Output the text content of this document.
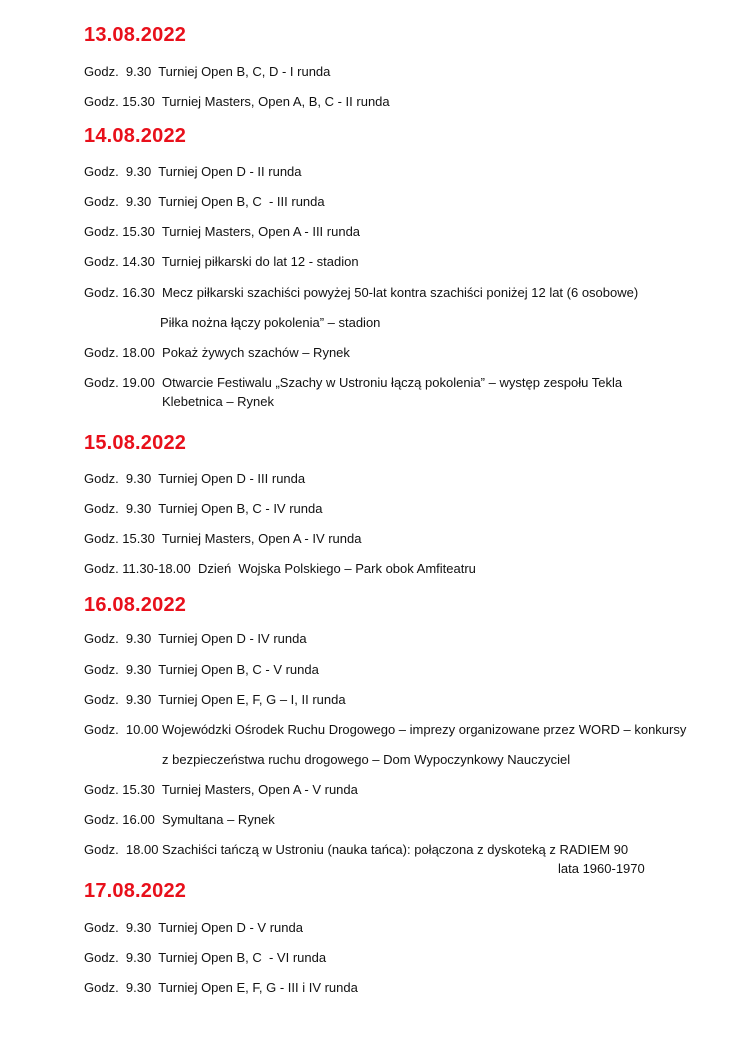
13.08.2022
Godz.  9.30  Turniej Open B, C, D - I runda
Godz. 15.30  Turniej Masters, Open A, B, C - II runda
14.08.2022
Godz.  9.30  Turniej Open D - II runda
Godz.  9.30  Turniej Open B, C  - III runda
Godz. 15.30  Turniej Masters, Open A - III runda
Godz. 14.30  Turniej piłkarski do lat 12 - stadion
Godz. 16.30  Mecz piłkarski szachiści powyżej 50-lat kontra szachiści poniżej 12 lat (6 osobowe)
Piłka nożna łączy pokolenia” – stadion
Godz. 18.00  Pokaż żywych szachów – Rynek
Godz. 19.00  Otwarcie Festiwalu „Szachy w Ustroniu łączą pokolenia” – występ zespołu Tekla
Klebetnica – Rynek
15.08.2022
Godz.  9.30  Turniej Open D - III runda
Godz.  9.30  Turniej Open B, C - IV runda
Godz. 15.30  Turniej Masters, Open A - IV runda
Godz. 11.30-18.00  Dzień  Wojska Polskiego – Park obok Amfiteatru
16.08.2022
Godz.  9.30  Turniej Open D - IV runda
Godz.  9.30  Turniej Open B, C - V runda
Godz.  9.30  Turniej Open E, F, G – I, II runda
Godz.  10.00 Wojewódzki Ośrodek Ruchu Drogowego – imprezy organizowane przez WORD – konkursy
z bezpieczeństwa ruchu drogowego – Dom Wypoczynkowy Nauczyciel
Godz. 15.30  Turniej Masters, Open A - V runda
Godz. 16.00  Symultana – Rynek
Godz.  18.00 Szachiści tańczą w Ustroniu (nauka tańca): połączona z dyskoteką z RADIEM 90
lata 1960-1970
17.08.2022
Godz.  9.30  Turniej Open D - V runda
Godz.  9.30  Turniej Open B, C  - VI runda
Godz.  9.30  Turniej Open E, F, G - III i IV runda
